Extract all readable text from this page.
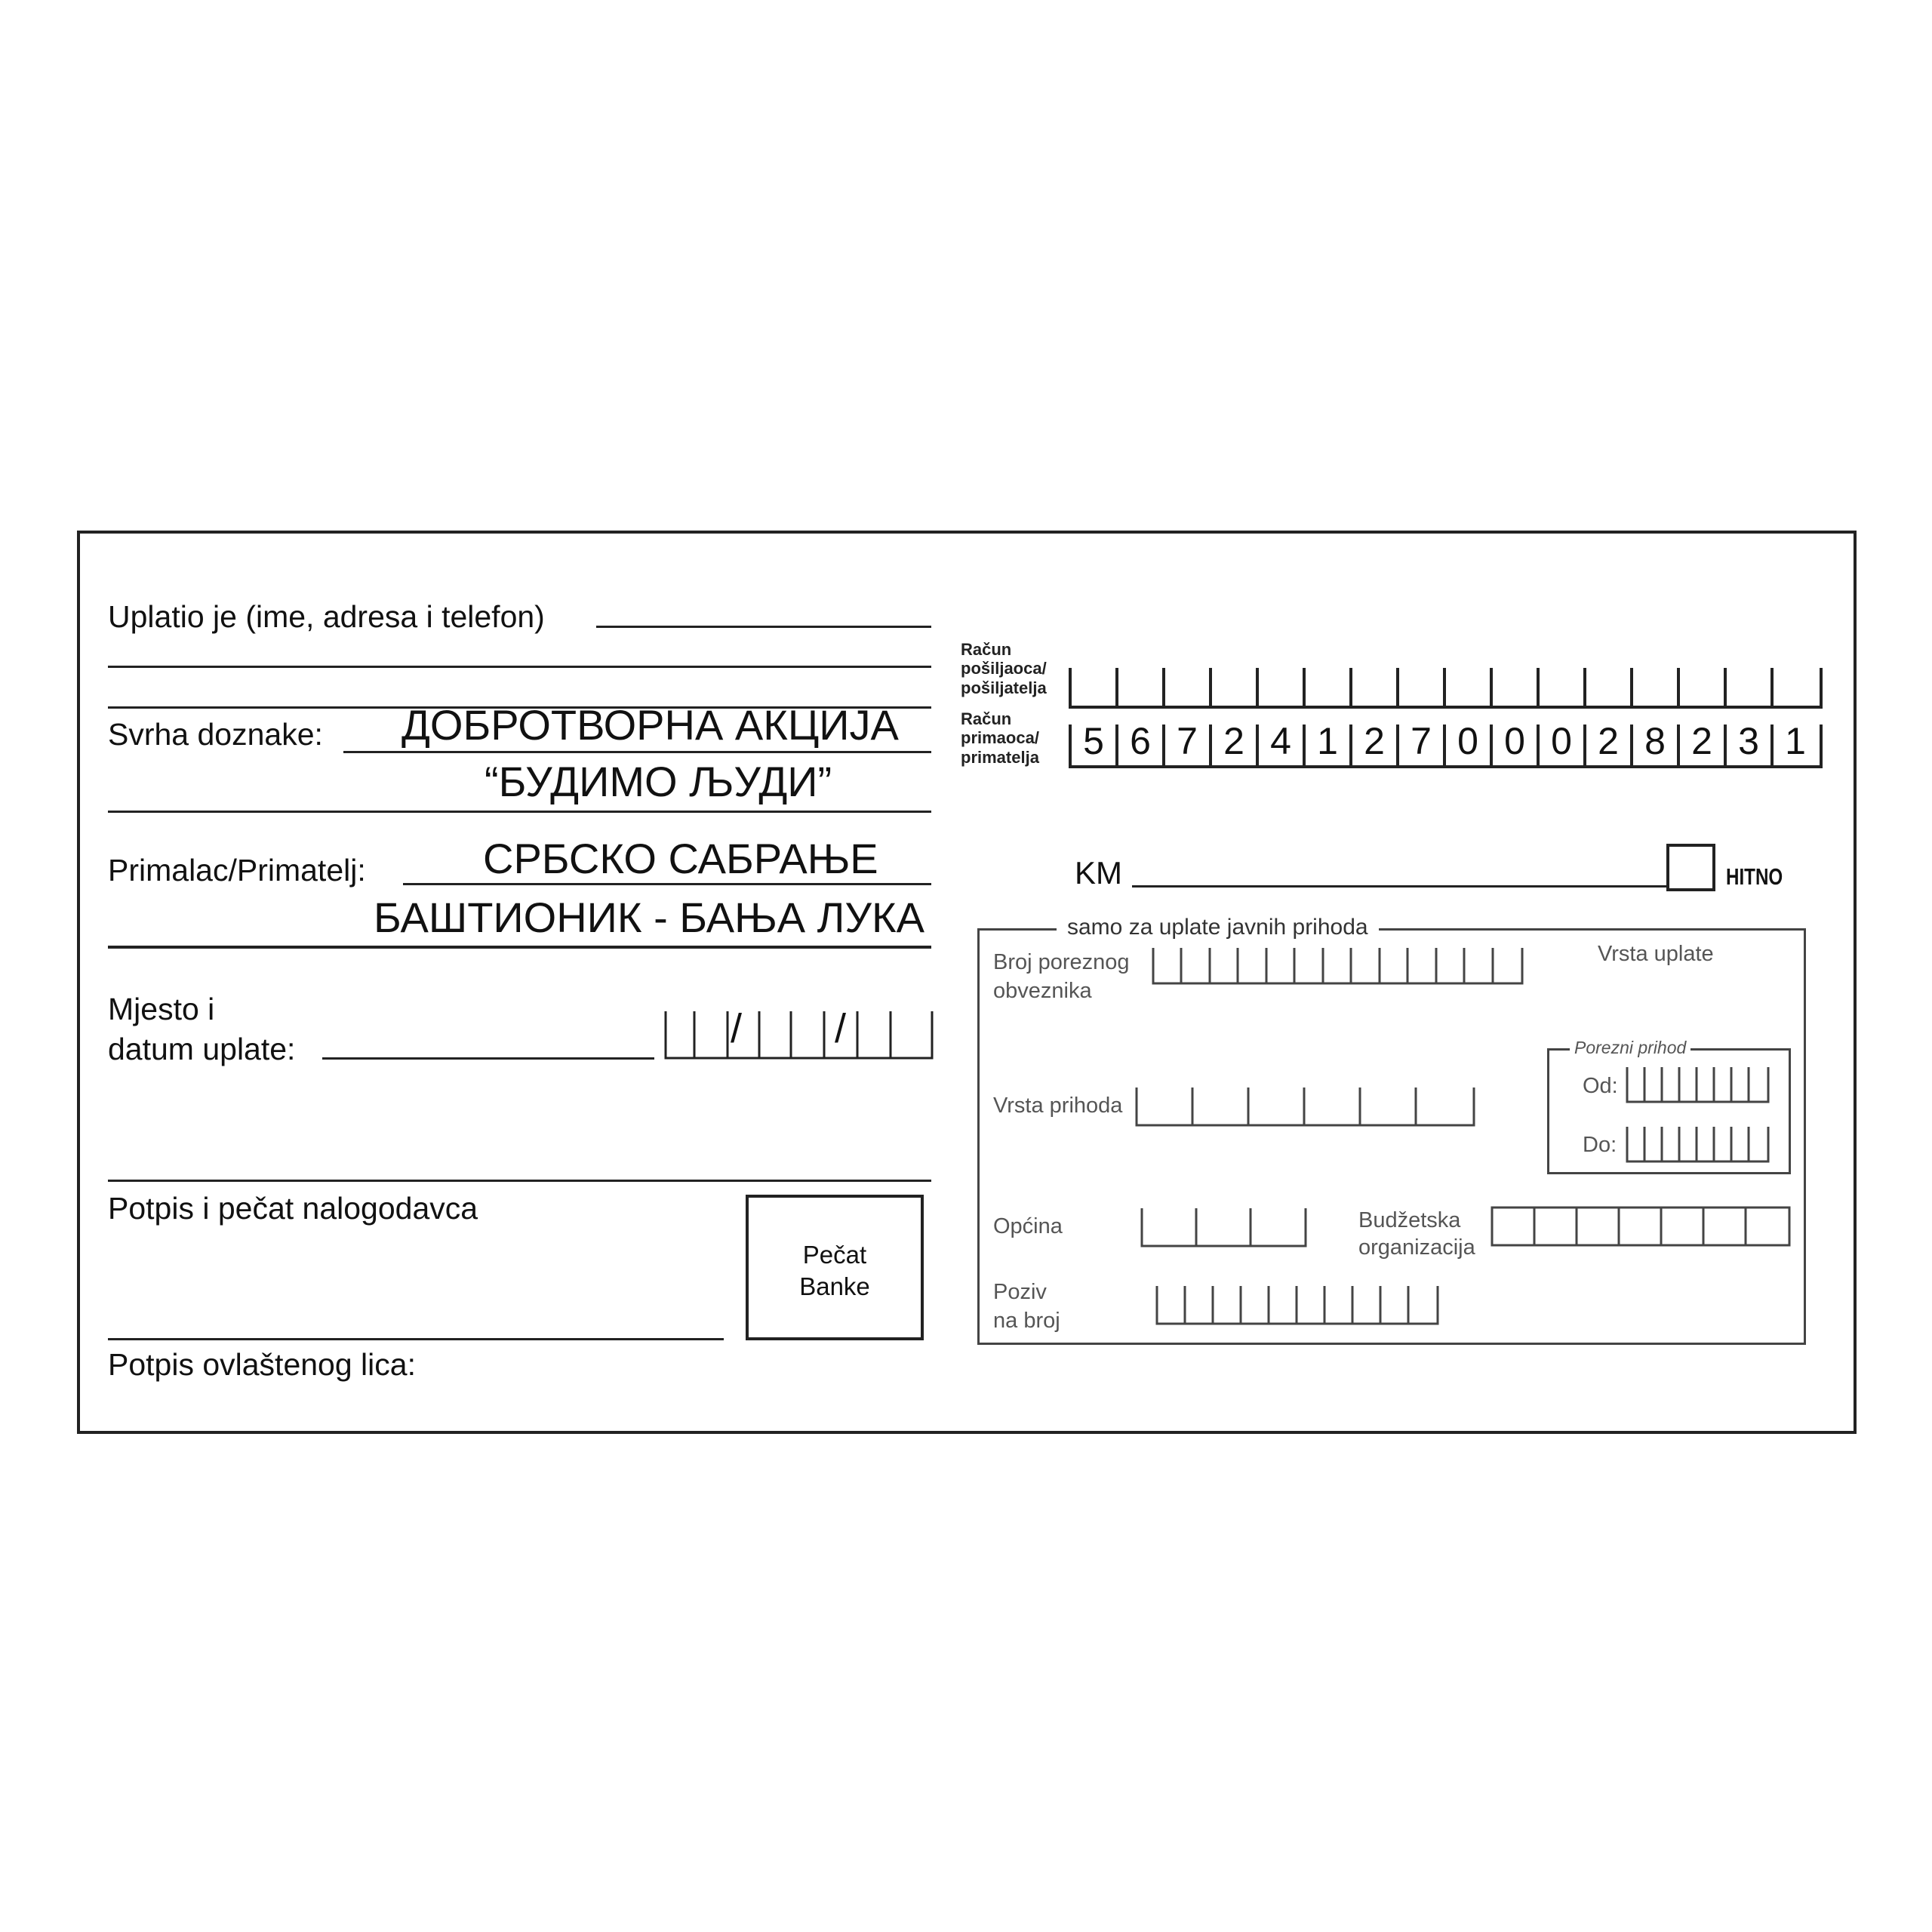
Uplatio je (ime, adresa i telefon)
Svrha doznake: ДОБРОТВОРНА АКЦИЈА
“БУДИМО ЉУДИ”
Primalac/Primatelj:	СРБСКО САБРАЊЕ
БАШТИОНИК - БАЊА ЛУКА
Mjesto i
datum uplate:	/ /
Potpis i pečat nalogodavca
Pečat
Banke
Potpis ovlaštenog lica:
Račun
pošiljaoca/
pošiljatelja
Račun
primaoca/
primatelja	5 6 7 2 4 1 2 7 0 0 0 2 8 2 3 1
KM	HITNO
samo za uplate javnih prihoda
Broj poreznog
obveznika
Vrsta uplate
Porezni prihod
Od:
Do:
Vrsta prihoda
Općina	Budžetska
organizacija
Poziv
na broj
